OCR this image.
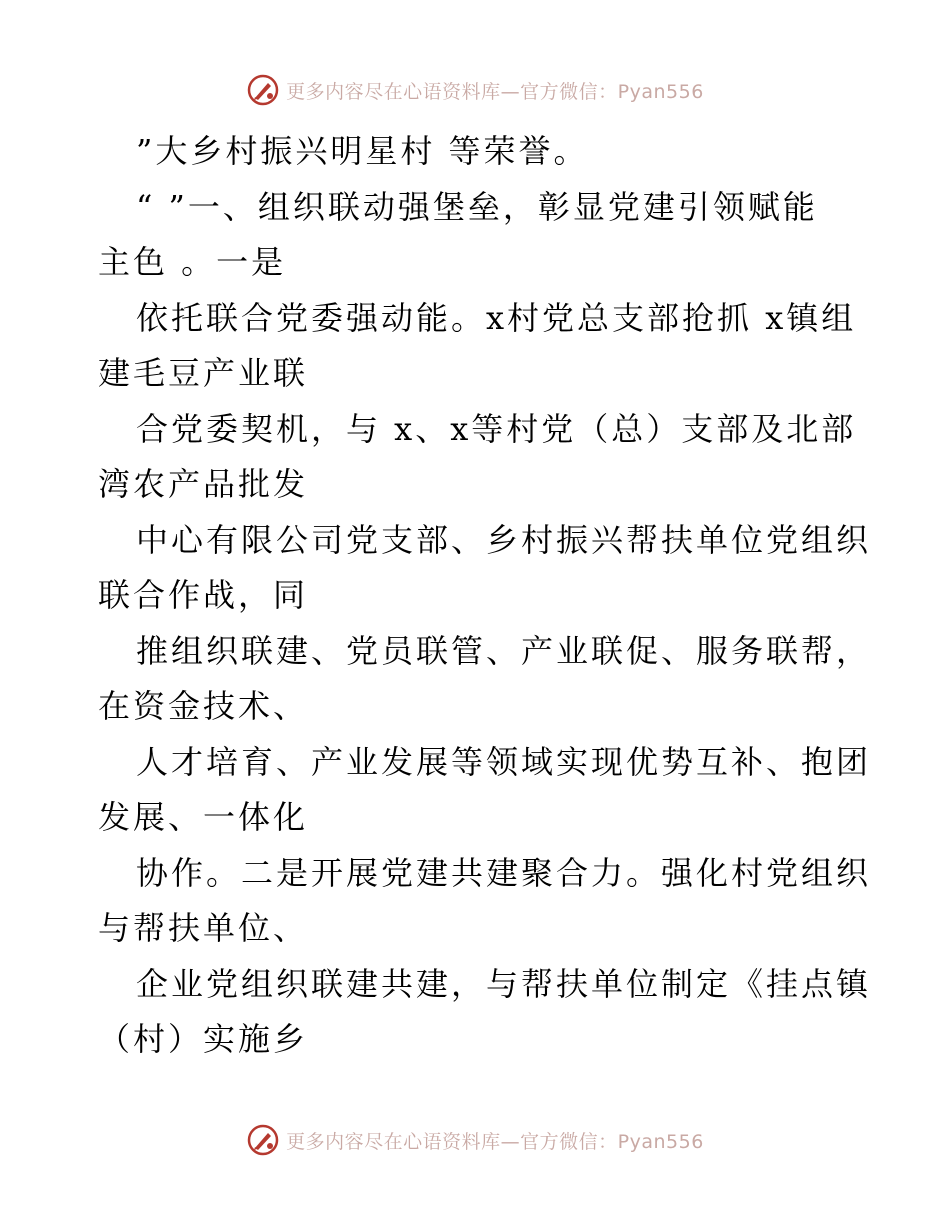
更多内容尽在心语资料库—官方微信：Pyan556
”大乡村振兴明星村 等荣誉。
“ ”一、组织联动强堡垒，彰显党建引领赋能
主色 。一是
依托联合党委强动能。x村党总支部抢抓 x镇组
建毛豆产业联
合党委契机，与 x、x等村党（总）支部及北部
湾农产品批发
中心有限公司党支部、乡村振兴帮扶单位党组织
联合作战，同
推组织联建、党员联管、产业联促、服务联帮，
在资金技术、
人才培育、产业发展等领域实现优势互补、抱团
发展、一体化
协作。二是开展党建共建聚合力。强化村党组织
与帮扶单位、
企业党组织联建共建，与帮扶单位制定《挂点镇
（村）实施乡
更多内容尽在心语资料库—官方微信：Pyan556
